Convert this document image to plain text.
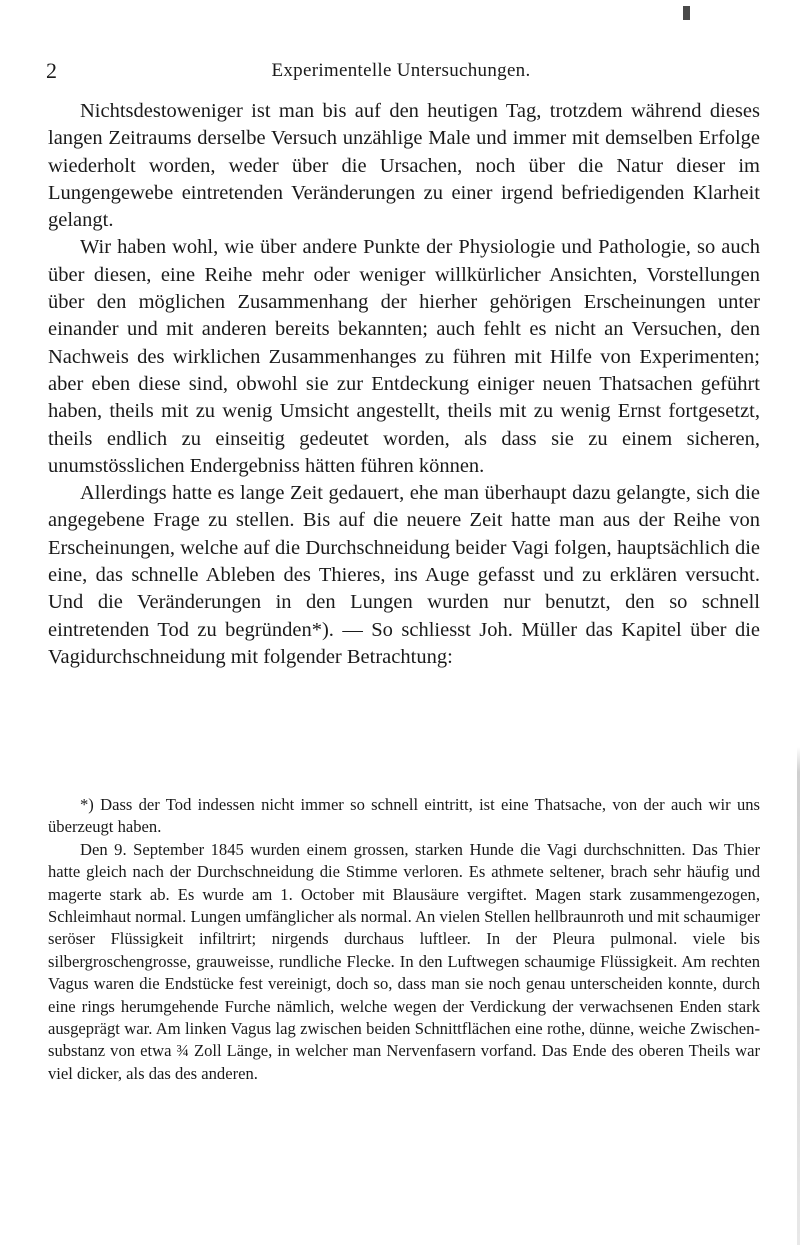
2	Experimentelle Untersuchungen.

Nichtsdestoweniger ist man bis auf den heutigen Tag, trotzdem während dieses langen Zeitraums derselbe Versuch unzählige Male und immer mit demselben Erfolge wiederholt worden, weder über die Ursachen, noch über die Natur dieser im Lungengewebe eintretenden Veränderungen zu einer irgend befriedigenden Klarheit gelangt.

Wir haben wohl, wie über andere Punkte der Physiologie und Pathologie, so auch über diesen, eine Reihe mehr oder weniger willkürlicher Ansichten, Vorstellungen über den möglichen Zusammenhang der hierher gehörigen Erscheinungen unter einander und mit anderen bereits bekannten; auch fehlt es nicht an Versuchen, den Nachweis des wirklichen Zusammenhanges zu führen mit Hilfe von Experimenten; aber eben diese sind, obwohl sie zur Entdeckung einiger neuen Thatsachen geführt haben, theils mit zu wenig Umsicht angestellt, theils mit zu wenig Ernst fortgesetzt, theils endlich zu einseitig gedeutet worden, als dass sie zu einem sicheren, unumstösslichen Endergebniss hätten führen können.

Allerdings hatte es lange Zeit gedauert, ehe man überhaupt dazu gelangte, sich die angegebene Frage zu stellen. Bis auf die neuere Zeit hatte man aus der Reihe von Erscheinungen, welche auf die Durchschneidung beider Vagi folgen, hauptsächlich die eine, das schnelle Ableben des Thieres, ins Auge gefasst und zu erklären versucht. Und die Veränderungen in den Lungen wurden nur benutzt, den so schnell eintretenden Tod zu begründen*). — So schliesst Joh. Müller das Kapitel über die Vagidurchschneidung mit folgender Betrachtung:

*) Dass der Tod indessen nicht immer so schnell eintritt, ist eine Thatsache, von der auch wir uns überzeugt haben.

Den 9. September 1845 wurden einem grossen, starken Hunde die Vagi durchschnitten. Das Thier hatte gleich nach der Durchschneidung die Stimme verloren. Es athmete seltener, brach sehr häufig und magerte stark ab. Es wurde am 1. October mit Blausäure vergiftet. Magen stark zusammengezogen, Schleimhaut normal. Lungen umfänglicher als normal. An vielen Stellen hellbraunroth und mit schaumiger seröser Flüssigkeit infiltrirt; nirgends durchaus luftleer. In der Pleura pulmonal. viele bis silbergroschengrosse, grauweisse, rundliche Flecke. In den Luftwegen schaumige Flüssigkeit. Am rechten Vagus waren die Endstücke fest vereinigt, doch so, dass man sie noch genau unterscheiden konnte, durch eine rings herumgehende Furche nämlich, welche wegen der Verdickung der verwachsenen Enden stark ausgeprägt war. Am linken Vagus lag zwischen beiden Schnittflächen eine rothe, dünne, weiche Zwischensubstanz von etwa ¾ Zoll Länge, in welcher man Nervenfasern vorfand. Das Ende des oberen Theils war viel dicker, als das des anderen.
